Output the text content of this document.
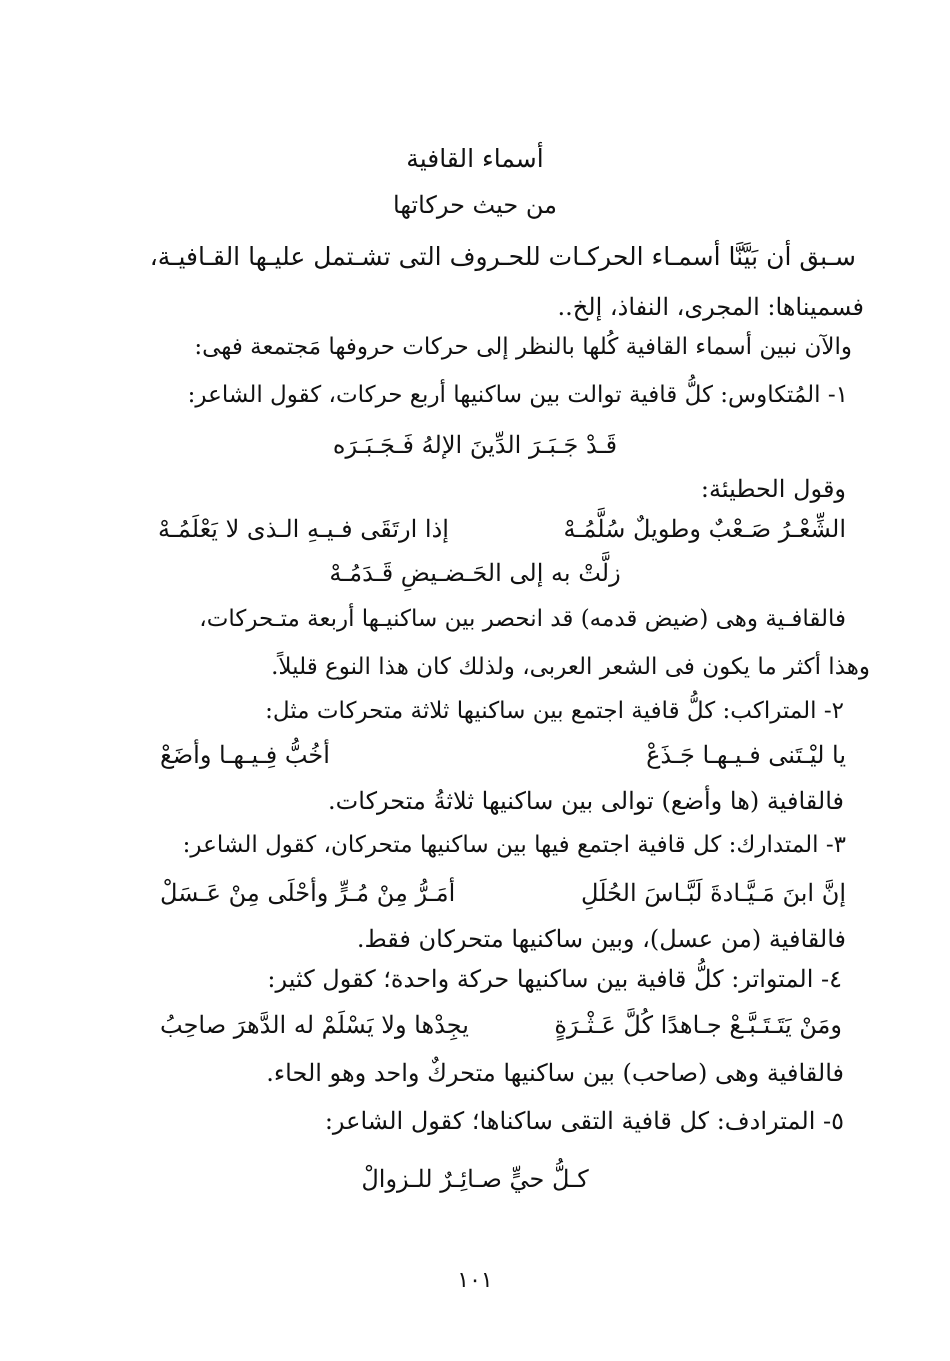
أسماء القافية
من حيث حركاتها
سـبق أن بَيَّنَّا أسمـاء الحركـات للحـروف التى تشـتمل عليـها القـافيـة،
فسميناها: المجرى، النفاذ، إلخ..
والآن نبين أسماء القافية كُلها بالنظر إلى حركات حروفها مَجتمعة فهى:
١- المُتكاوس: كلُّ قافية توالت بين ساكنيها أربع حركات، كقول الشاعر:
قَـدْ جَـبَـرَ الدِّينَ الإلهُ فَـجَـبَـرَه
وقول الحطيئة:
الشِّعْـرُ صَـعْبٌ وطويلٌ سُلَّمُـهْ
إذا ارتَقَى فـيـهِ الـذى لا يَعْلَمُـهْ
زلَّتْ به إلى الحَـضـيضِ قَـدَمُـهْ
فالقافـية وهى (ضيض قدمه) قد انحصر بين ساكنيـها أربعة متـحركات،
وهذا أكثر ما يكون فى الشعر العربى، ولذلك كان هذا النوع قليلاً.
٢- المتراكب: كلُّ قافية اجتمع بين ساكنيها ثلاثة متحركات مثل:
يا ليْـتَنى فـيـهـا جَـذَعْ
أخُبُّ فِـيـهـا وأضَعْ
فالقافية (ها وأضع) توالى بين ساكنيها ثلاثةُ متحركات.
٣- المتدارك: كل قافية اجتمع فيها بين ساكنيها متحركان، كقول الشاعر:
إنَّ ابنَ مَـيَّـادةَ لَبَّـاسَ الحُلَلِ
أمَـرُّ مِنْ مُـرٍّ وأحْلَى مِنْ عَـسَلْ
فالقافية (من عسل)، وبين ساكنيها متحركان فقط.
٤- المتواتر: كلُّ قافية بين ساكنيها حركة واحدة؛ كقول كثير:
ومَنْ يَتَـتَـبَّـعْ جـاهدًا كُلَّ عَـثْـرَةٍ
يجِدْها ولا يَسْلَمْ له الدَّهرَ صاحِبُ
فالقافية وهى (صاحب) بين ساكنيها متحركٌ واحد وهو الحاء.
٥- المترادف: كل قافية التقى ساكناها؛ كقول الشاعر:
كـلُّ حيٍّ صـائِـرٌ للـزوالْ
١٠١
